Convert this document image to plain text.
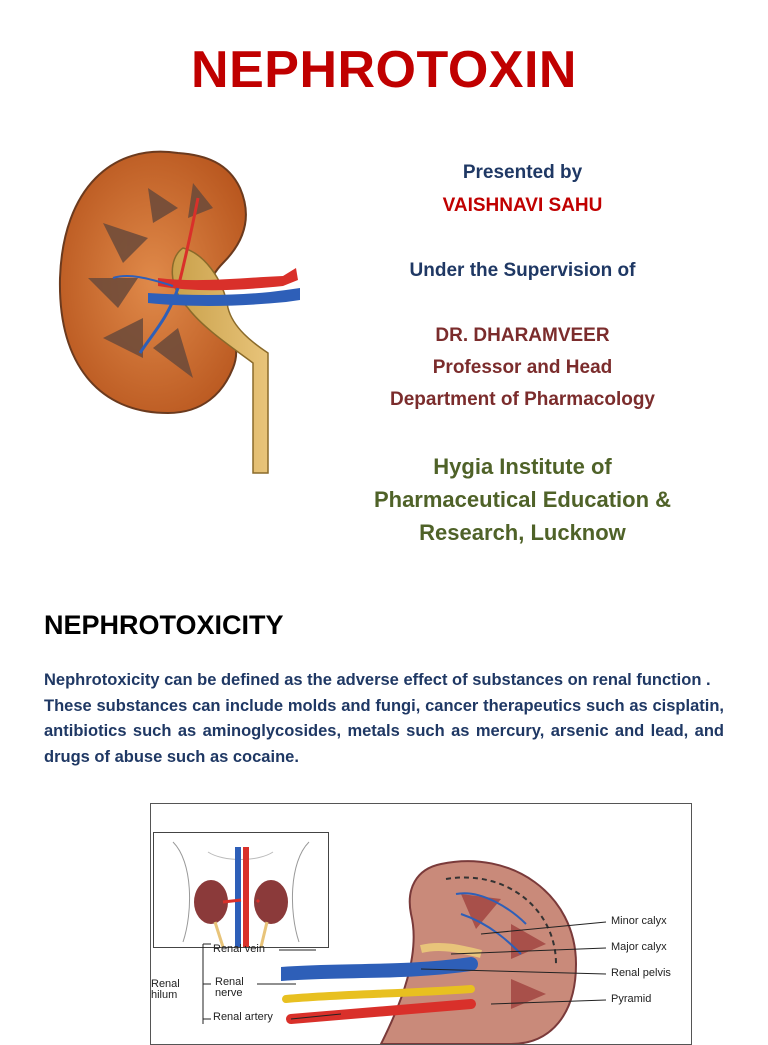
NEPHROTOXIN
Presented by
VAISHNAVI SAHU
Under the Supervision of
DR. DHARAMVEER
Professor and Head
Department of Pharmacology
Hygia Institute of
Pharmaceutical Education &
Research, Lucknow
NEPHROTOXICITY

Nephrotoxicity can be defined as the adverse effect of substances on renal function .

These substances can include molds and fungi, cancer therapeutics such as cisplatin, antibiotics such as aminoglycosides, metals such as mercury, arsenic and lead, and drugs of abuse such as cocaine.

Renal vein
Renal nerve
Renal artery
Renal hilum
Minor calyx
Major calyx
Renal pelvis
Pyramid
